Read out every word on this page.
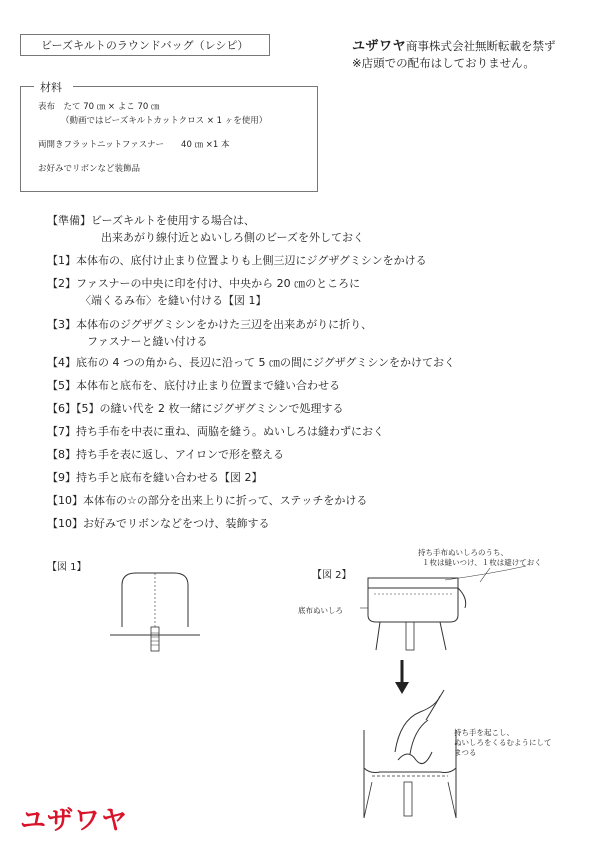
ビーズキルトのラウンドバッグ（レシピ）	ユザワヤ商事株式会社無断転載を禁ず
※店頭での配布はしておりません。
材料
表布　たて 70 ㎝ × よこ 70 ㎝
（動画ではビーズキルトカットクロス × 1 ヶを使用）
両開きフラットニットファスナー　　40 ㎝ ×1 本
お好みでリボンなど装飾品
【準備】ビーズキルトを使用する場合は、
出来あがり線付近とぬいしろ側のビーズを外しておく
【1】本体布の、底付け止まり位置よりも上側三辺にジグザグミシンをかける
【2】ファスナーの中央に印を付け、中央から 20 ㎝のところに
〈端くるみ布〉を縫い付ける【図 1】
【3】本体布のジグザグミシンをかけた三辺を出来あがりに折り、
ファスナーと縫い付ける
【4】底布の 4 つの角から、長辺に沿って 5 ㎝の間にジグザグミシンをかけておく
【5】本体布と底布を、底付け止まり位置まで縫い合わせる
【6】【5】の縫い代を 2 枚一緒にジグザグミシンで処理する
【7】持ち手布を中表に重ね、両脇を縫う。ぬいしろは縫わずにおく
【8】持ち手を表に返し、アイロンで形を整える
【9】持ち手と底布を縫い合わせる【図 2】
【10】本体布の☆の部分を出来上りに折って、ステッチをかける
【10】お好みでリボンなどをつけ、装飾する
【図 1】
【図 2】
持ち手布ぬいしろのうち、
１枚は縫いつけ、１枚は避けておく
底布ぬいしろ
持ち手を起こし、
ぬいしろをくるむようにして
まつる
ユザワヤ
